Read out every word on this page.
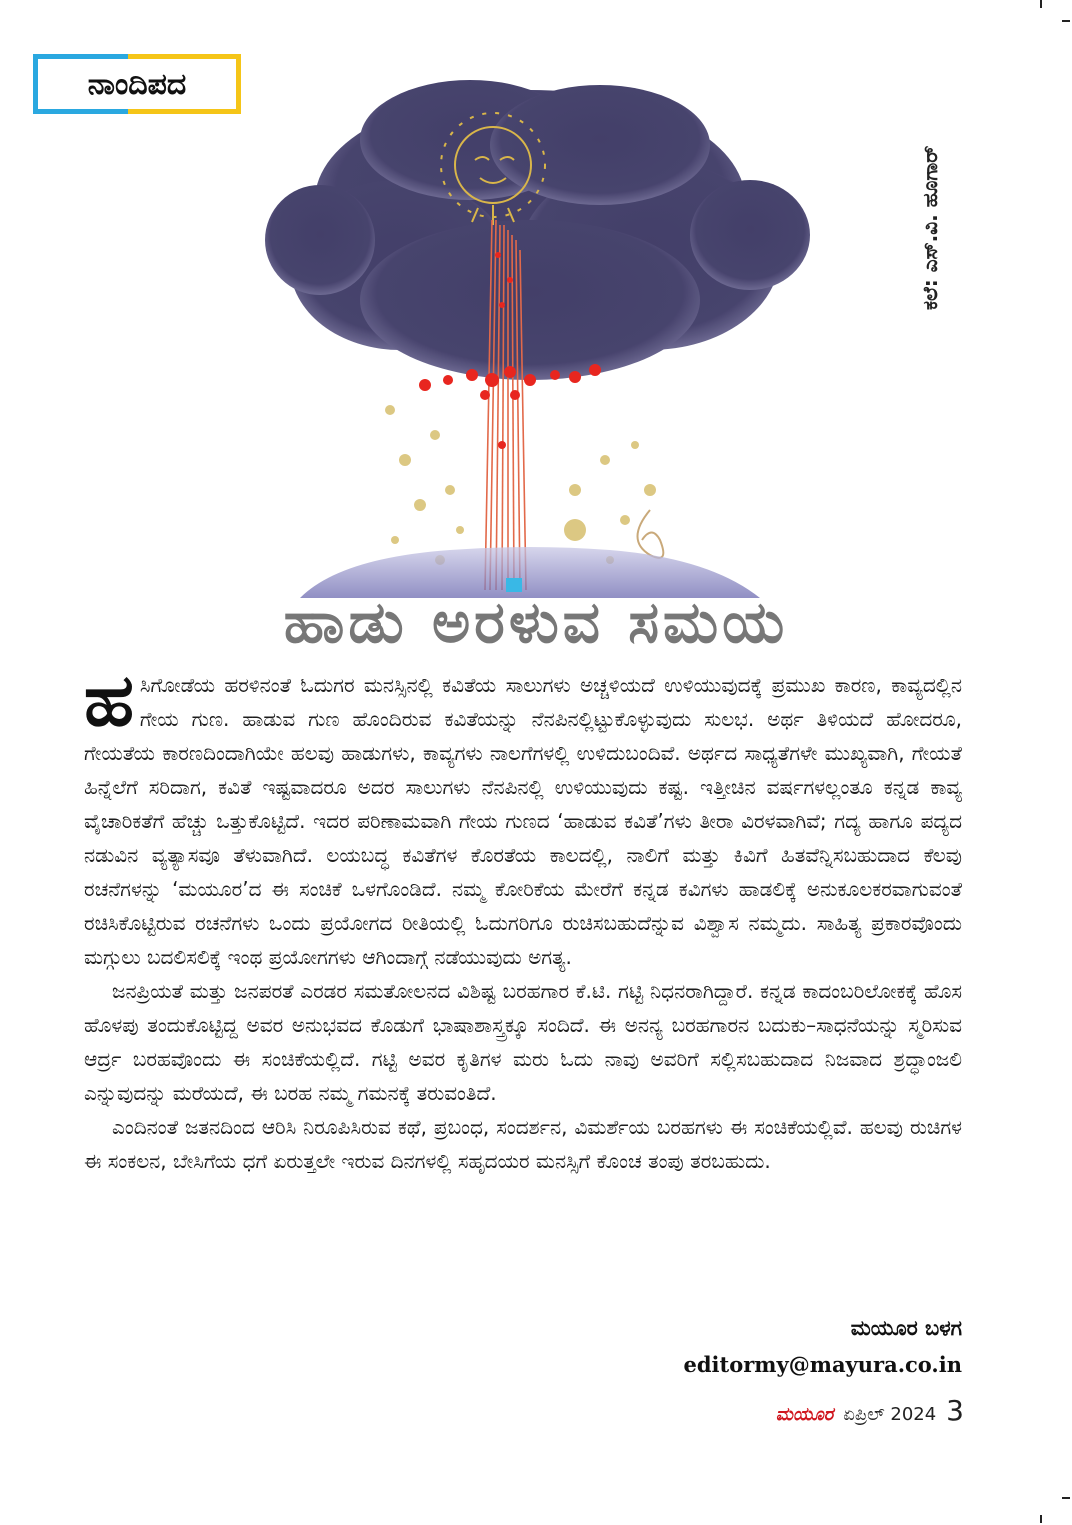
ನಾಂದಿಪದ
ಕಲೆ: ಎಸ್.ವಿ. ಹೂಗಾರ್
ಹಾಡು ಅರಳುವ ಸಮಯ

ಹ ಸಿಗೋಡೆಯ ಹರಳಿನಂತೆ ಓದುಗರ ಮನಸ್ಸಿನಲ್ಲಿ ಕವಿತೆಯ ಸಾಲುಗಳು ಅಚ್ಚಳಿಯದೆ ಉಳಿಯುವುದಕ್ಕೆ ಪ್ರಮುಖ ಕಾರಣ, ಕಾವ್ಯದಲ್ಲಿನ ಗೇಯ ಗುಣ. ಹಾಡುವ ಗುಣ ಹೊಂದಿರುವ ಕವಿತೆಯನ್ನು ನೆನಪಿನಲ್ಲಿಟ್ಟುಕೊಳ್ಳುವುದು ಸುಲಭ. ಅರ್ಥ ತಿಳಿಯದೆ ಹೋದರೂ, ಗೇಯತೆಯ ಕಾರಣದಿಂದಾಗಿಯೇ ಹಲವು ಹಾಡುಗಳು, ಕಾವ್ಯಗಳು ನಾಲಗೆಗಳಲ್ಲಿ ಉಳಿದುಬಂದಿವೆ. ಅರ್ಥದ ಸಾಧ್ಯತೆಗಳೇ ಮುಖ್ಯವಾಗಿ, ಗೇಯತೆ ಹಿನ್ನೆಲೆಗೆ ಸರಿದಾಗ, ಕವಿತೆ ಇಷ್ಟವಾದರೂ ಅದರ ಸಾಲುಗಳು ನೆನಪಿನಲ್ಲಿ ಉಳಿಯುವುದು ಕಷ್ಟ. ಇತ್ತೀಚಿನ ವರ್ಷಗಳಲ್ಲಂತೂ ಕನ್ನಡ ಕಾವ್ಯ ವೈಚಾರಿಕತೆಗೆ ಹೆಚ್ಚು ಒತ್ತುಕೊಟ್ಟಿದೆ. ಇದರ ಪರಿಣಾಮವಾಗಿ ಗೇಯ ಗುಣದ ‘ಹಾಡುವ ಕವಿತೆ’ಗಳು ತೀರಾ ವಿರಳವಾಗಿವೆ; ಗದ್ಯ ಹಾಗೂ ಪದ್ಯದ ನಡುವಿನ ವ್ಯತ್ಯಾಸವೂ ತೆಳುವಾಗಿದೆ. ಲಯಬದ್ಧ ಕವಿತೆಗಳ ಕೊರತೆಯ ಕಾಲದಲ್ಲಿ, ನಾಲಿಗೆ ಮತ್ತು ಕಿವಿಗೆ ಹಿತವೆನ್ನಿಸಬಹುದಾದ ಕೆಲವು ರಚನೆಗಳನ್ನು ‘ಮಯೂರ’ದ ಈ ಸಂಚಿಕೆ ಒಳಗೊಂಡಿದೆ. ನಮ್ಮ ಕೋರಿಕೆಯ ಮೇರೆಗೆ ಕನ್ನಡ ಕವಿಗಳು ಹಾಡಲಿಕ್ಕೆ ಅನುಕೂಲಕರವಾಗುವಂತೆ ರಚಿಸಿಕೊಟ್ಟಿರುವ ರಚನೆಗಳು ಒಂದು ಪ್ರಯೋಗದ ರೀತಿಯಲ್ಲಿ ಓದುಗರಿಗೂ ರುಚಿಸಬಹುದೆನ್ನುವ ವಿಶ್ವಾಸ ನಮ್ಮದು. ಸಾಹಿತ್ಯ ಪ್ರಕಾರವೊಂದು ಮಗ್ಗುಲು ಬದಲಿಸಲಿಕ್ಕೆ ಇಂಥ ಪ್ರಯೋಗಗಳು ಆಗಿಂದಾಗ್ಗೆ ನಡೆಯುವುದು ಅಗತ್ಯ.

ಜನಪ್ರಿಯತೆ ಮತ್ತು ಜನಪರತೆ ಎರಡರ ಸಮತೋಲನದ ವಿಶಿಷ್ಟ ಬರಹಗಾರ ಕೆ.ಟಿ. ಗಟ್ಟಿ ನಿಧನರಾಗಿದ್ದಾರೆ. ಕನ್ನಡ ಕಾದಂಬರಿಲೋಕಕ್ಕೆ ಹೊಸ ಹೊಳಪು ತಂದುಕೊಟ್ಟಿದ್ದ ಅವರ ಅನುಭವದ ಕೊಡುಗೆ ಭಾಷಾಶಾಸ್ತ್ರಕ್ಕೂ ಸಂದಿದೆ. ಈ ಅನನ್ಯ ಬರಹಗಾರನ ಬದುಕು–ಸಾಧನೆಯನ್ನು ಸ್ಮರಿಸುವ ಆರ್ದ್ರ ಬರಹವೊಂದು ಈ ಸಂಚಿಕೆಯಲ್ಲಿದೆ. ಗಟ್ಟಿ ಅವರ ಕೃತಿಗಳ ಮರು ಓದು ನಾವು ಅವರಿಗೆ ಸಲ್ಲಿಸಬಹುದಾದ ನಿಜವಾದ ಶ್ರದ್ಧಾಂಜಲಿ ಎನ್ನುವುದನ್ನು ಮರೆಯದೆ, ಈ ಬರಹ ನಮ್ಮ ಗಮನಕ್ಕೆ ತರುವಂತಿದೆ.

ಎಂದಿನಂತೆ ಜತನದಿಂದ ಆರಿಸಿ ನಿರೂಪಿಸಿರುವ ಕಥೆ, ಪ್ರಬಂಧ, ಸಂದರ್ಶನ, ವಿಮರ್ಶೆಯ ಬರಹಗಳು ಈ ಸಂಚಿಕೆಯಲ್ಲಿವೆ. ಹಲವು ರುಚಿಗಳ ಈ ಸಂಕಲನ, ಬೇಸಿಗೆಯ ಧಗೆ ಏರುತ್ತಲೇ ಇರುವ ದಿನಗಳಲ್ಲಿ ಸಹೃದಯರ ಮನಸ್ಸಿಗೆ ಕೊಂಚ ತಂಪು ತರಬಹುದು.

ಮಯೂರ ಬಳಗ
editormy@mayura.co.in
ಮಯೂರ ಏಪ್ರಿಲ್ 2024 3
